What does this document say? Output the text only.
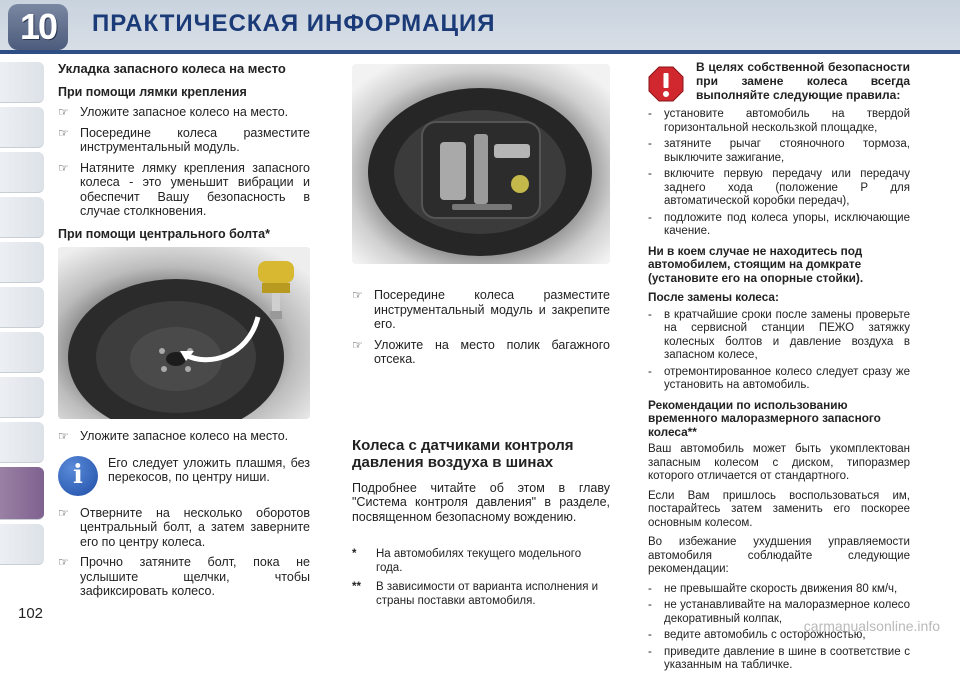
10	ПРАКТИЧЕСКАЯ ИНФОРМАЦИЯ
102
Укладка запасного колеса на место
При помощи лямки крепления
☞ Уложите запасное колесо на место.
☞ Посередине колеса разместите инструментальный модуль.
☞ Натяните лямку крепления запасного колеса - это уменьшит вибрации и обеспечит Вашу безопасность в случае столкновения.
При помощи центрального болта*
☞ Уложите запасное колесо на место.
i	Его следует уложить плашмя, без перекосов, по центру ниши.
☞ Отверните на несколько оборотов центральный болт, а затем заверните его по центру колеса.
☞ Прочно затяните болт, пока не услышите щелчки, чтобы зафиксировать колесо.
☞ Посередине колеса разместите инструментальный модуль и закрепите его.
☞ Уложите на место полик багажного отсека.
Колеса с датчиками контроля давления воздуха в шинах
Подробнее читайте об этом в главу "Система контроля давления" в разделе, посвященном безопасному вождению.
*	На автомобилях текущего модельного года.
**	В зависимости от варианта исполнения и страны поставки автомобиля.
В целях собственной безопасности при замене колеса всегда выполняйте следующие правила:
-	установите автомобиль на твердой горизонтальной нескользкой площадке,
-	затяните рычаг стояночного тормоза, выключите зажигание,
-	включите первую передачу или передачу заднего хода (положение P для автоматической коробки передач),
-	подложите под колеса упоры, исключающие качение.
Ни в коем случае не находитесь под автомобилем, стоящим на домкрате (установите его на опорные стойки).
После замены колеса:
-	в кратчайшие сроки после замены проверьте на сервисной станции ПЕЖО затяжку колесных болтов и давление воздуха в запасном колесе,
-	отремонтированное колесо следует сразу же установить на автомобиль.
Рекомендации по использованию временного малоразмерного запасного колеса**
Ваш автомобиль может быть укомплектован запасным колесом с диском, типоразмер которого отличается от стандартного.
Если Вам пришлось воспользоваться им, постарайтесь затем заменить его поскорее основным колесом.
Во избежание ухудшения управляемости автомобиля соблюдайте следующие рекомендации:
-	не превышайте скорость движения 80 км/ч,
-	не устанавливайте на малоразмерное колесо декоративный колпак,
-	ведите автомобиль с осторожностью,
-	приведите давление в шине в соответствие с указанным на табличке.
carmanualsonline.info
